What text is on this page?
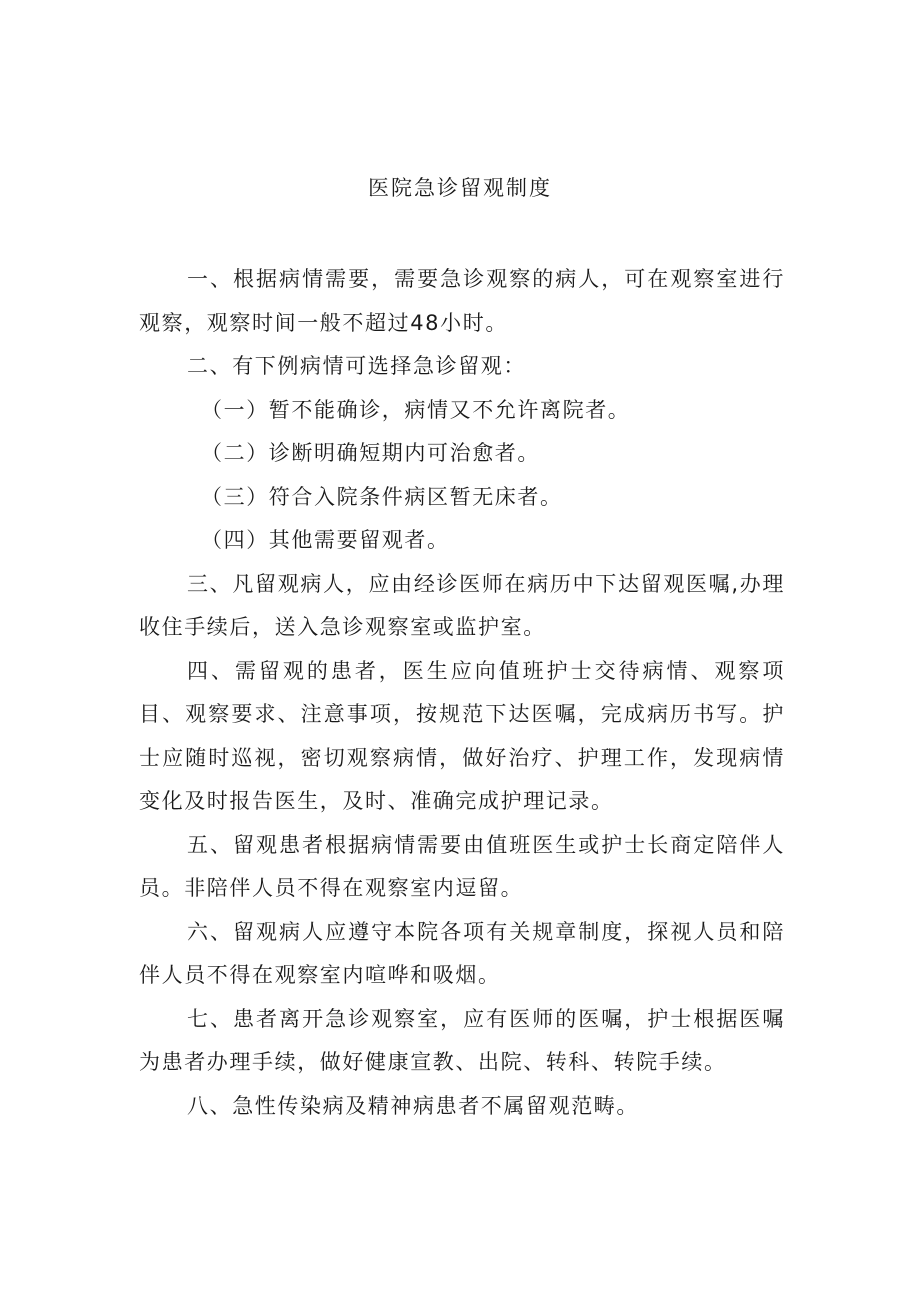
医院急诊留观制度

一、根据病情需要，需要急诊观察的病人，可在观察室进行观察，观察时间一般不超过48小时。

二、有下例病情可选择急诊留观：

（一）暂不能确诊，病情又不允许离院者。

（二）诊断明确短期内可治愈者。

（三）符合入院条件病区暂无床者。

（四）其他需要留观者。

三、凡留观病人，应由经诊医师在病历中下达留观医嘱,办理收住手续后，送入急诊观察室或监护室。

四、需留观的患者，医生应向值班护士交待病情、观察项目、观察要求、注意事项，按规范下达医嘱，完成病历书写。护士应随时巡视，密切观察病情，做好治疗、护理工作，发现病情变化及时报告医生，及时、准确完成护理记录。

五、留观患者根据病情需要由值班医生或护士长商定陪伴人员。非陪伴人员不得在观察室内逗留。

六、留观病人应遵守本院各项有关规章制度，探视人员和陪伴人员不得在观察室内喧哗和吸烟。

七、患者离开急诊观察室，应有医师的医嘱，护士根据医嘱为患者办理手续，做好健康宣教、出院、转科、转院手续。

八、急性传染病及精神病患者不属留观范畴。
